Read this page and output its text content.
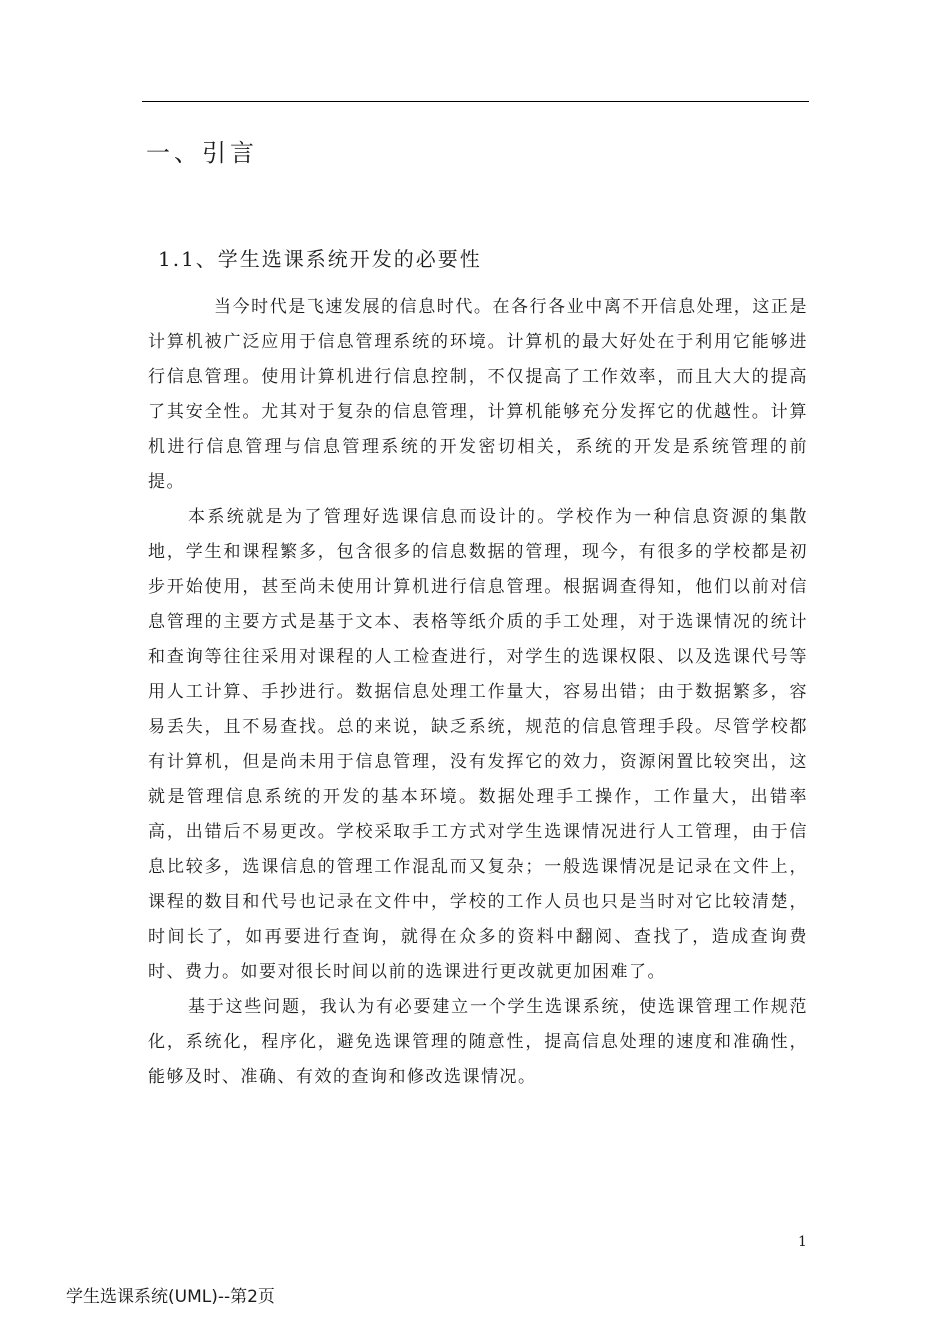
一、引言
1.1、学生选课系统开发的必要性

当今时代是飞速发展的信息时代。在各行各业中离不开信息处理，这正是计算机被广泛应用于信息管理系统的环境。计算机的最大好处在于利用它能够进行信息管理。使用计算机进行信息控制，不仅提高了工作效率，而且大大的提高了其安全性。尤其对于复杂的信息管理，计算机能够充分发挥它的优越性。计算机进行信息管理与信息管理系统的开发密切相关，系统的开发是系统管理的前提。

本系统就是为了管理好选课信息而设计的。学校作为一种信息资源的集散地，学生和课程繁多，包含很多的信息数据的管理，现今，有很多的学校都是初步开始使用，甚至尚未使用计算机进行信息管理。根据调查得知，他们以前对信息管理的主要方式是基于文本、表格等纸介质的手工处理，对于选课情况的统计和查询等往往采用对课程的人工检查进行，对学生的选课权限、以及选课代号等用人工计算、手抄进行。数据信息处理工作量大，容易出错；由于数据繁多，容易丢失，且不易查找。总的来说，缺乏系统，规范的信息管理手段。尽管学校都有计算机，但是尚未用于信息管理，没有发挥它的效力，资源闲置比较突出，这就是管理信息系统的开发的基本环境。数据处理手工操作，工作量大，出错率高，出错后不易更改。学校采取手工方式对学生选课情况进行人工管理，由于信息比较多，选课信息的管理工作混乱而又复杂；一般选课情况是记录在文件上，课程的数目和代号也记录在文件中，学校的工作人员也只是当时对它比较清楚，时间长了，如再要进行查询，就得在众多的资料中翻阅、查找了，造成查询费时、费力。如要对很长时间以前的选课进行更改就更加困难了。

基于这些问题，我认为有必要建立一个学生选课系统，使选课管理工作规范化，系统化，程序化，避免选课管理的随意性，提高信息处理的速度和准确性，能够及时、准确、有效的查询和修改选课情况。

1
学生选课系统(UML)--第2页
